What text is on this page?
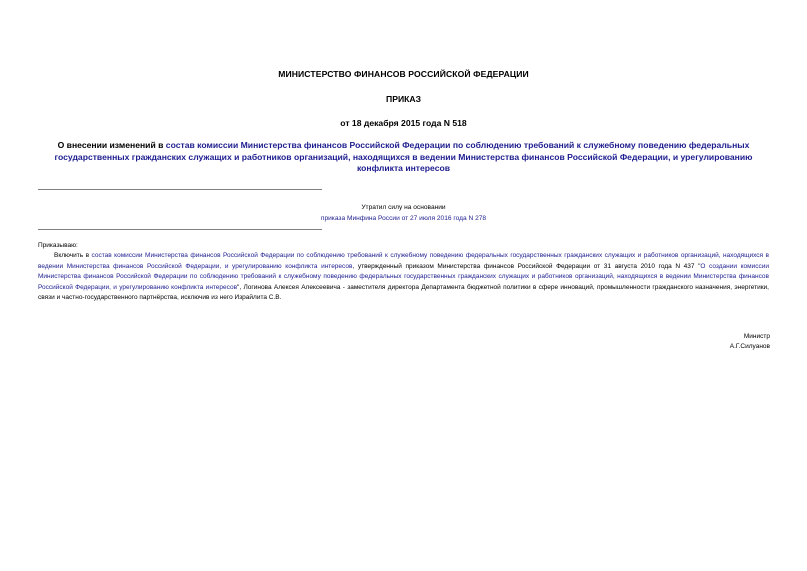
МИНИСТЕРСТВО ФИНАНСОВ РОССИЙСКОЙ ФЕДЕРАЦИИ
ПРИКАЗ
от 18 декабря 2015 года N 518
О внесении изменений в состав комиссии Министерства финансов Российской Федерации по соблюдению требований к служебному поведению федеральных государственных гражданских служащих и работников организаций, находящихся в ведении Министерства финансов Российской Федерации, и урегулированию конфликта интересов
Утратил силу на основании
приказа Минфина России от 27 июля 2016 года N 278

Приказываю:

Включить в состав комиссии Министерства финансов Российской Федерации по соблюдению требований к служебному поведению федеральных государственных гражданских служащих и работников организаций, находящихся в ведении Министерства финансов Российской Федерации, и урегулированию конфликта интересов, утвержденный приказом Министерства финансов Российской Федерации от 31 августа 2010 года N 437 "О создании комиссии Министерства финансов Российской Федерации по соблюдению требований к служебному поведению федеральных государственных гражданских служащих и работников организаций, находящихся в ведении Министерства финансов Российской Федерации, и урегулированию конфликта интересов", Логинова Алексея Алексеевича - заместителя директора Департамента бюджетной политики в сфере инноваций, промышленности гражданского назначения, энергетики, связи и частно-государственного партнёрства, исключив из него Израйлита С.В.

Министр
А.Г.Силуанов
